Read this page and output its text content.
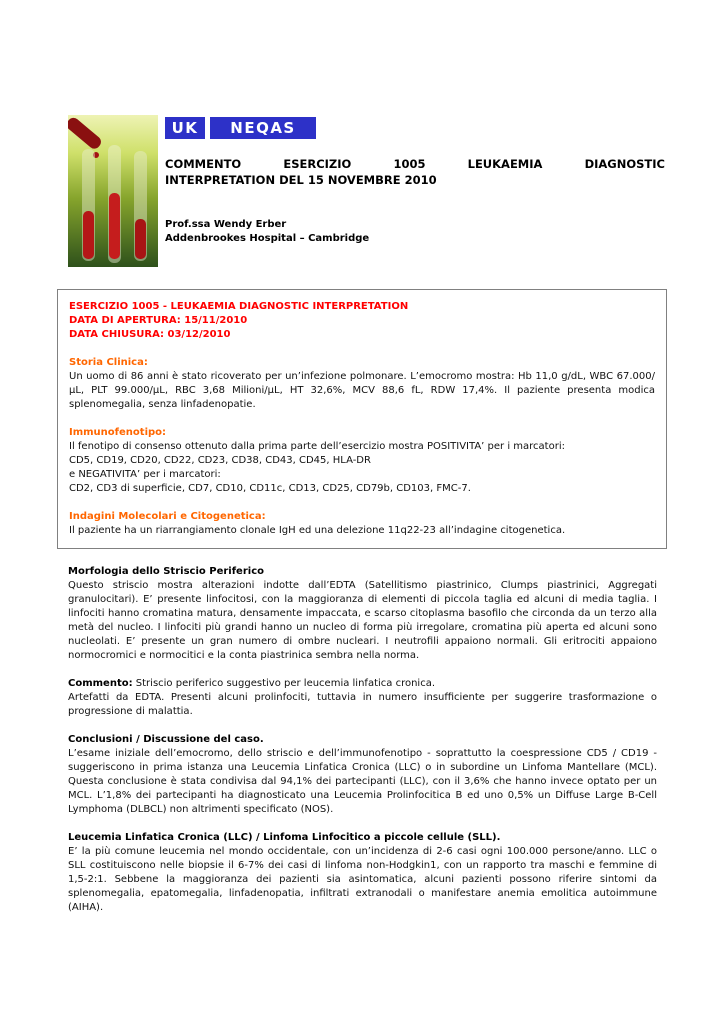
UK	NEQAS
COMMENTO ESERCIZIO 1005 LEUKAEMIA DIAGNOSTIC
INTERPRETATION DEL 15 NOVEMBRE 2010
Prof.ssa Wendy Erber
Addenbrookes Hospital – Cambridge
ESERCIZIO 1005 - LEUKAEMIA DIAGNOSTIC INTERPRETATION
DATA DI APERTURA: 15/11/2010
DATA CHIUSURA: 03/12/2010
Storia Clinica:
Un uomo di 86 anni è stato ricoverato per un’infezione polmonare. L’emocromo mostra: Hb 11,0 g/dL, WBC 67.000/µL, PLT 99.000/µL, RBC 3,68 Milioni/µL, HT 32,6%, MCV 88,6 fL, RDW 17,4%. Il paziente presenta modica splenomegalia, senza linfadenopatie.
Immunofenotipo:
Il fenotipo di consenso ottenuto dalla prima parte dell’esercizio mostra POSITIVITA’ per i marcatori:
CD5, CD19, CD20, CD22, CD23, CD38, CD43, CD45, HLA-DR
e NEGATIVITA’ per i marcatori:
CD2, CD3 di superficie, CD7, CD10, CD11c, CD13, CD25, CD79b, CD103, FMC-7.
Indagini Molecolari e Citogenetica:
Il paziente ha un riarrangiamento clonale IgH ed una delezione 11q22-23 all’indagine citogenetica.
Morfologia dello Striscio Periferico
Questo striscio mostra alterazioni indotte dall’EDTA (Satellitismo piastrinico, Clumps piastrinici, Aggregati granulocitari). E’ presente linfocitosi, con la maggioranza di elementi di piccola taglia ed alcuni di media taglia. I linfociti hanno cromatina matura, densamente impaccata, e scarso citoplasma basofilo che circonda da un terzo alla metà del nucleo. I linfociti più grandi hanno un nucleo di forma più irregolare, cromatina più aperta ed alcuni sono nucleolati. E’ presente un gran numero di ombre nucleari. I neutrofili appaiono normali. Gli eritrociti appaiono normocromici e normocitici e la conta piastrinica sembra nella norma.
Commento: Striscio periferico suggestivo per leucemia linfatica cronica.
Artefatti da EDTA. Presenti alcuni prolinfociti, tuttavia in numero insufficiente per suggerire trasformazione o progressione di malattia.
Conclusioni / Discussione del caso.
L’esame iniziale dell’emocromo, dello striscio e dell’immunofenotipo - soprattutto la coespressione CD5 / CD19 - suggeriscono in prima istanza una Leucemia Linfatica Cronica (LLC) o in subordine un Linfoma Mantellare (MCL). Questa conclusione è stata condivisa dal 94,1% dei partecipanti (LLC), con il 3,6% che hanno invece optato per un MCL. L’1,8% dei partecipanti ha diagnosticato una Leucemia Prolinfocitica B ed uno 0,5% un Diffuse Large B-Cell Lymphoma (DLBCL) non altrimenti specificato (NOS).
Leucemia Linfatica Cronica (LLC) / Linfoma Linfocitico a piccole cellule (SLL).
E’ la più comune leucemia nel mondo occidentale, con un’incidenza di 2-6 casi ogni 100.000 persone/anno. LLC o SLL costituiscono nelle biopsie il 6-7% dei casi di linfoma non-Hodgkin1, con un rapporto tra maschi e femmine di 1,5-2:1. Sebbene la maggioranza dei pazienti sia asintomatica, alcuni pazienti possono riferire sintomi da splenomegalia, epatomegalia, linfadenopatia, infiltrati extranodali o manifestare anemia emolitica autoimmune (AIHA).
